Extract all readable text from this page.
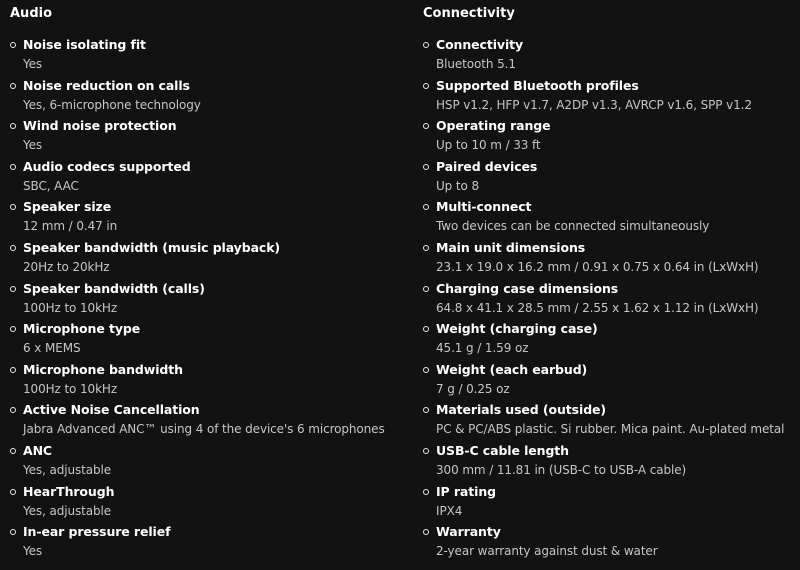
Audio
Noise isolating fit
Yes
Noise reduction on calls
Yes, 6-microphone technology
Wind noise protection
Yes
Audio codecs supported
SBC, AAC
Speaker size
12 mm / 0.47 in
Speaker bandwidth (music playback)
20Hz to 20kHz
Speaker bandwidth (calls)
100Hz to 10kHz
Microphone type
6 x MEMS
Microphone bandwidth
100Hz to 10kHz
Active Noise Cancellation
Jabra Advanced ANC™ using 4 of the device's 6 microphones
ANC
Yes, adjustable
HearThrough
Yes, adjustable
In-ear pressure relief
Yes
Connectivity
Connectivity
Bluetooth 5.1
Supported Bluetooth profiles
HSP v1.2, HFP v1.7, A2DP v1.3, AVRCP v1.6, SPP v1.2
Operating range
Up to 10 m / 33 ft
Paired devices
Up to 8
Multi-connect
Two devices can be connected simultaneously
Main unit dimensions
23.1 x 19.0 x 16.2 mm / 0.91 x 0.75 x 0.64 in (LxWxH)
Charging case dimensions
64.8 x 41.1 x 28.5 mm / 2.55 x 1.62 x 1.12 in (LxWxH)
Weight (charging case)
45.1 g / 1.59 oz
Weight (each earbud)
7 g / 0.25 oz
Materials used (outside)
PC & PC/ABS plastic. Si rubber. Mica paint. Au-plated metal
USB-C cable length
300 mm / 11.81 in (USB-C to USB-A cable)
IP rating
IPX4
Warranty
2-year warranty against dust & water
